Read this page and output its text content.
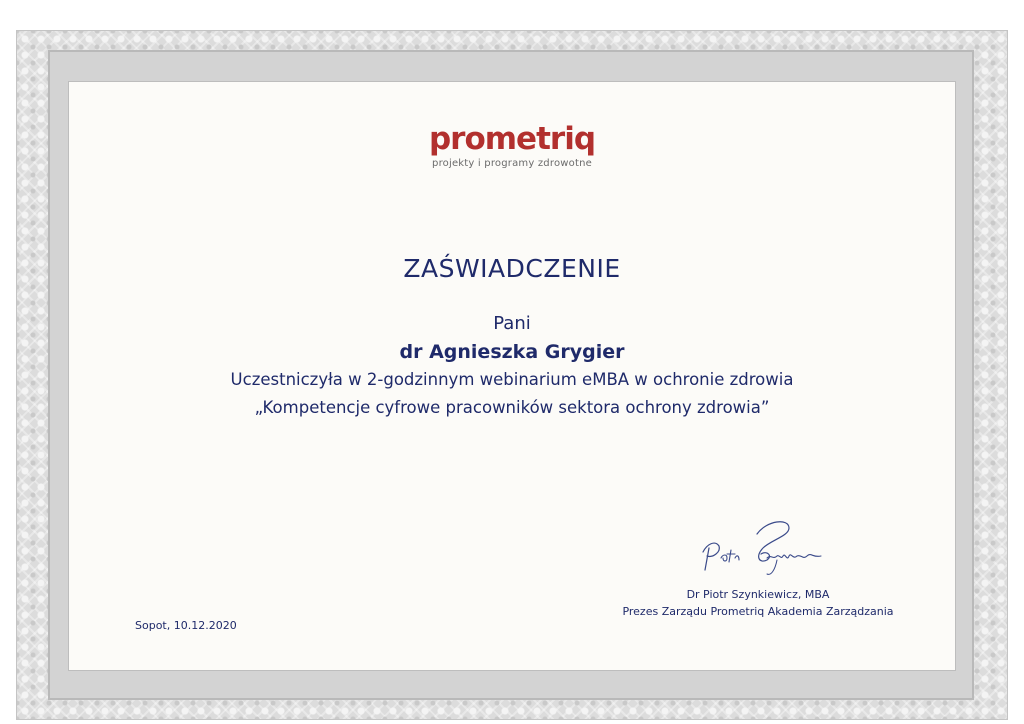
prometriq
projekty i programy zdrowotne
ZAŚWIADCZENIE
Pani
dr Agnieszka Grygier
Uczestniczyła w 2-godzinnym webinarium eMBA w ochronie zdrowia
„Kompetencje cyfrowe pracowników sektora ochrony zdrowia”
Dr Piotr Szynkiewicz, MBA
Prezes Zarządu Prometriq Akademia Zarządzania
Sopot, 10.12.2020
